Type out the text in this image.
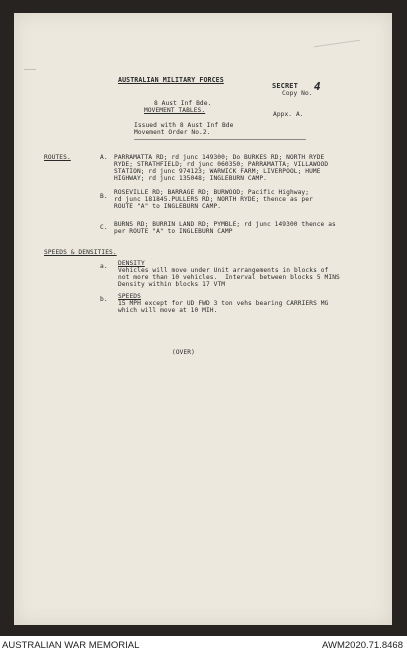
AUSTRALIAN MILITARY FORCES
SECRET
Copy No.
4
8 Aust Inf Bde.
MOVEMENT TABLES.
Appx. A.
Issued with 8 Aust Inf Bde
Movement Order No.2.
ROUTES.	A. PARRAMATTA RD; rd junc 149300; Do BURKES RD; NORTH RYDE
RYDE; STRATHFIELD; rd junc 060350; PARRAMATTA; VILLAWOOD
STATION; rd junc 974123; WARWICK FARM; LIVERPOOL; HUME
HIGHWAY; rd junc 135048; INGLEBURN CAMP.
B.
ROSEVILLE RD; BARRAGE RD; BURWOOD; Pacific Highway;
rd junc 181845.PULLERS RD; NORTH RYDE; thence as per
ROUTE "A" to INGLEBURN CAMP.
C. BURNS RD; BURRIN LAND RD; PYMBLE; rd junc 149300 thence as
per ROUTE "A" to INGLEBURN CAMP
SPEEDS & DENSITIES.
a. DENSITY
Vehicles will move under Unit arrangements in blocks of
not more than 10 vehicles.  Interval between blocks 5 MINS
Density within blocks 17 VTM
b. SPEEDS
15 MPH except for UD FWD 3 ton vehs bearing CARRIERS MG
which will move at 10 MIH.
(OVER)
AUSTRALIAN WAR MEMORIAL	AWM2020.71.8468
